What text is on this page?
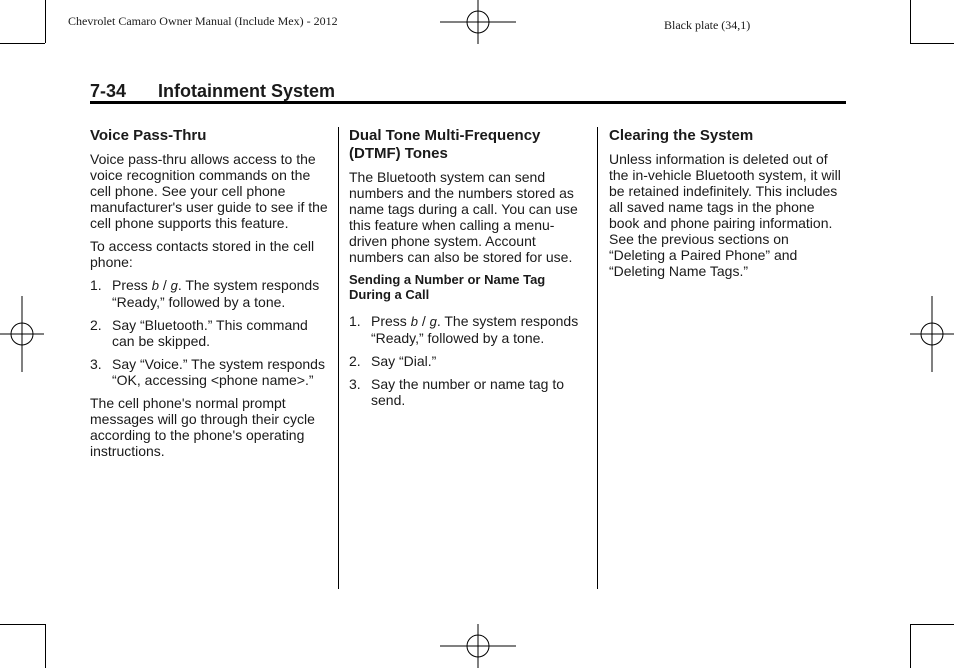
Chevrolet Camaro Owner Manual (Include Mex) - 2012	Black plate (34,1)
7-34 Infotainment System
Voice Pass-Thru

Voice pass-thru allows access to the voice recognition commands on the cell phone. See your cell phone manufacturer's user guide to see if the cell phone supports this feature.

To access contacts stored in the cell phone:

1. Press b / g. The system responds “Ready,” followed by a tone.
2. Say “Bluetooth.” This command can be skipped.
3. Say “Voice.” The system responds “OK, accessing <phone name>.”

The cell phone's normal prompt messages will go through their cycle according to the phone's operating instructions.

Dual Tone Multi-Frequency (DTMF) Tones

The Bluetooth system can send numbers and the numbers stored as name tags during a call. You can use this feature when calling a menu-driven phone system. Account numbers can also be stored for use.

Sending a Number or Name Tag During a Call
1. Press b / g. The system responds “Ready,” followed by a tone.
2. Say “Dial.”
3. Say the number or name tag to send.
Clearing the System

Unless information is deleted out of the in-vehicle Bluetooth system, it will be retained indefinitely. This includes all saved name tags in the phone book and phone pairing information. See the previous sections on “Deleting a Paired Phone” and “Deleting Name Tags.”
